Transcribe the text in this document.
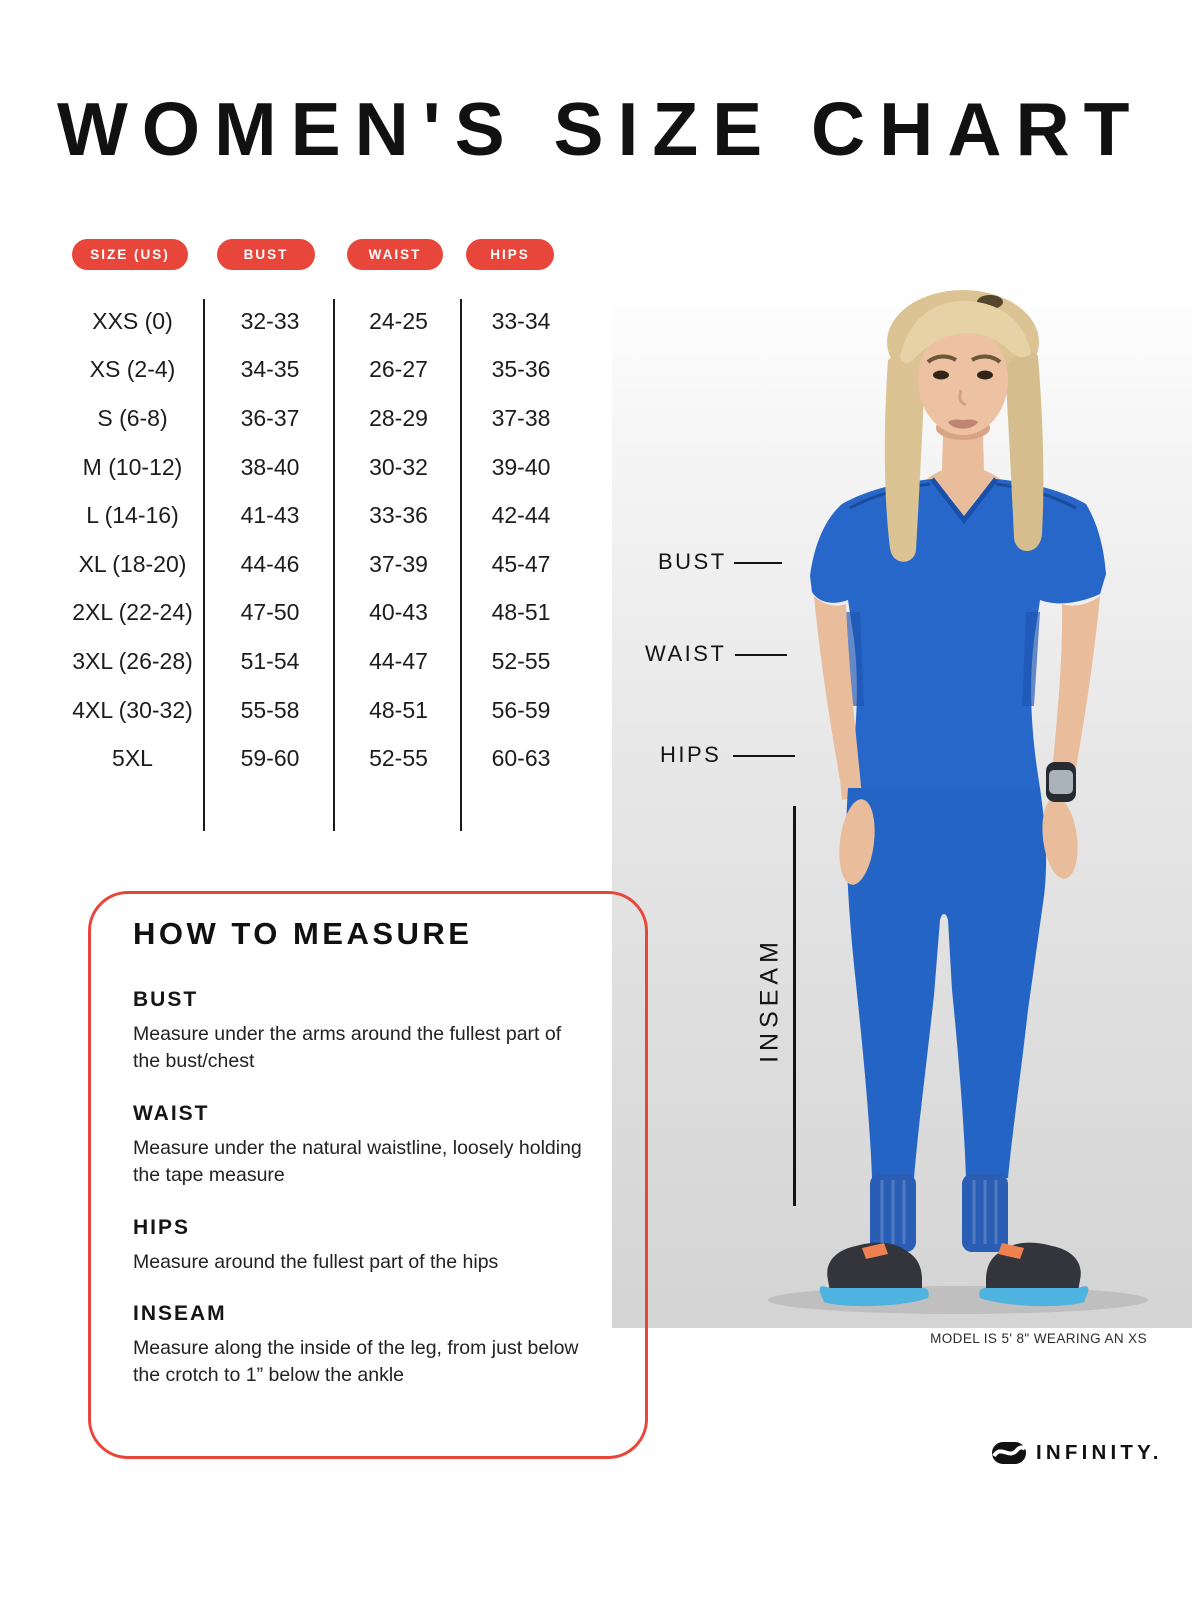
WOMEN'S SIZE CHART
SIZE (US)	BUST	WAIST	HIPS
XXS (0)	32-33	24-25	33-34
XS (2-4)	34-35	26-27	35-36
S (6-8)	36-37	28-29	37-38
M (10-12)	38-40	30-32	39-40
L (14-16)	41-43	33-36	42-44
XL (18-20)	44-46	37-39	45-47
2XL (22-24)	47-50	40-43	48-51
3XL (26-28)	51-54	44-47	52-55
4XL (30-32)	55-58	48-51	56-59
5XL	59-60	52-55	60-63
BUST
WAIST
HIPS
INSEAM
MODEL IS 5' 8" WEARING AN XS
HOW TO MEASURE
BUST
Measure under the arms around the fullest part of the bust/chest
WAIST
Measure under the natural waistline, loosely holding the tape measure
HIPS
Measure around the fullest part of the hips
INSEAM
Measure along the inside of the leg, from just below the crotch to 1” below the ankle
INFINITY.
